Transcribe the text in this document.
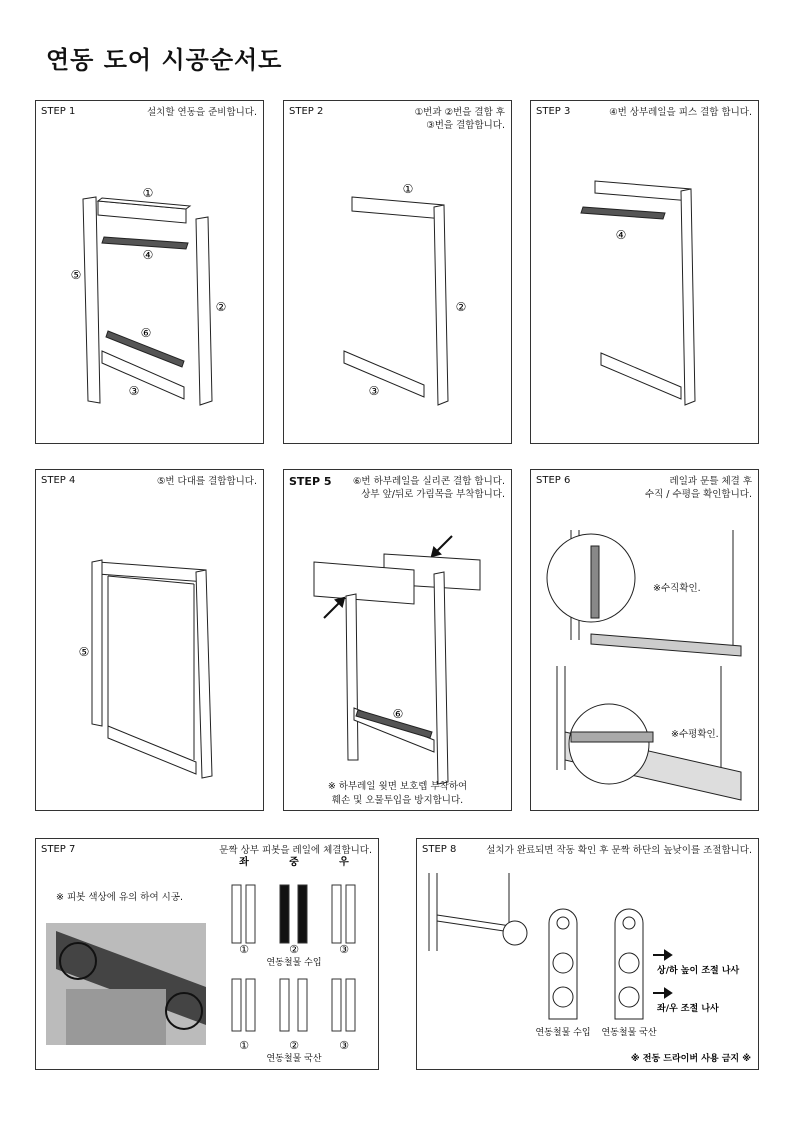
연동 도어 시공순서도
STEP 1	설치할 연동을 준비합니다.
①
④
⑤
②
⑥
③
STEP 2	①번과 ②번을 결합 후
③번을 결합합니다.
①
②
③
STEP 3	④번 상부레일을 피스 결합 합니다.
④
STEP 4	⑤번 다대를 결합합니다.
⑤
STEP 5 ⑥번 하부레일을 실리콘 결합 합니다.
상부 앞/뒤로 가림목을 부착합니다.
⑥
※ 하부레일 윗면 보호렙 부착하여
훼손 및 오물투입을 방지합니다.
STEP 6	레일과 문틀 체결 후
수직 / 수평을 확인합니다.
※수직확인.
※수평확인.
STEP 7	문짝 상부 피봇을 레일에 체결합니다.
※ 피봇 색상에 유의 하여 시공.
좌	중	우
①	②	③
①	②	③
연동철물 수입
연동철물 국산
STEP 8	설치가 완료되면 작동 확인 후 문짝 하단의 높낮이를 조절합니다.
상/하 높이 조절 나사
좌/우 조절 나사
연동철물 수입 연동철물 국산
※ 전동 드라이버 사용 금지 ※
